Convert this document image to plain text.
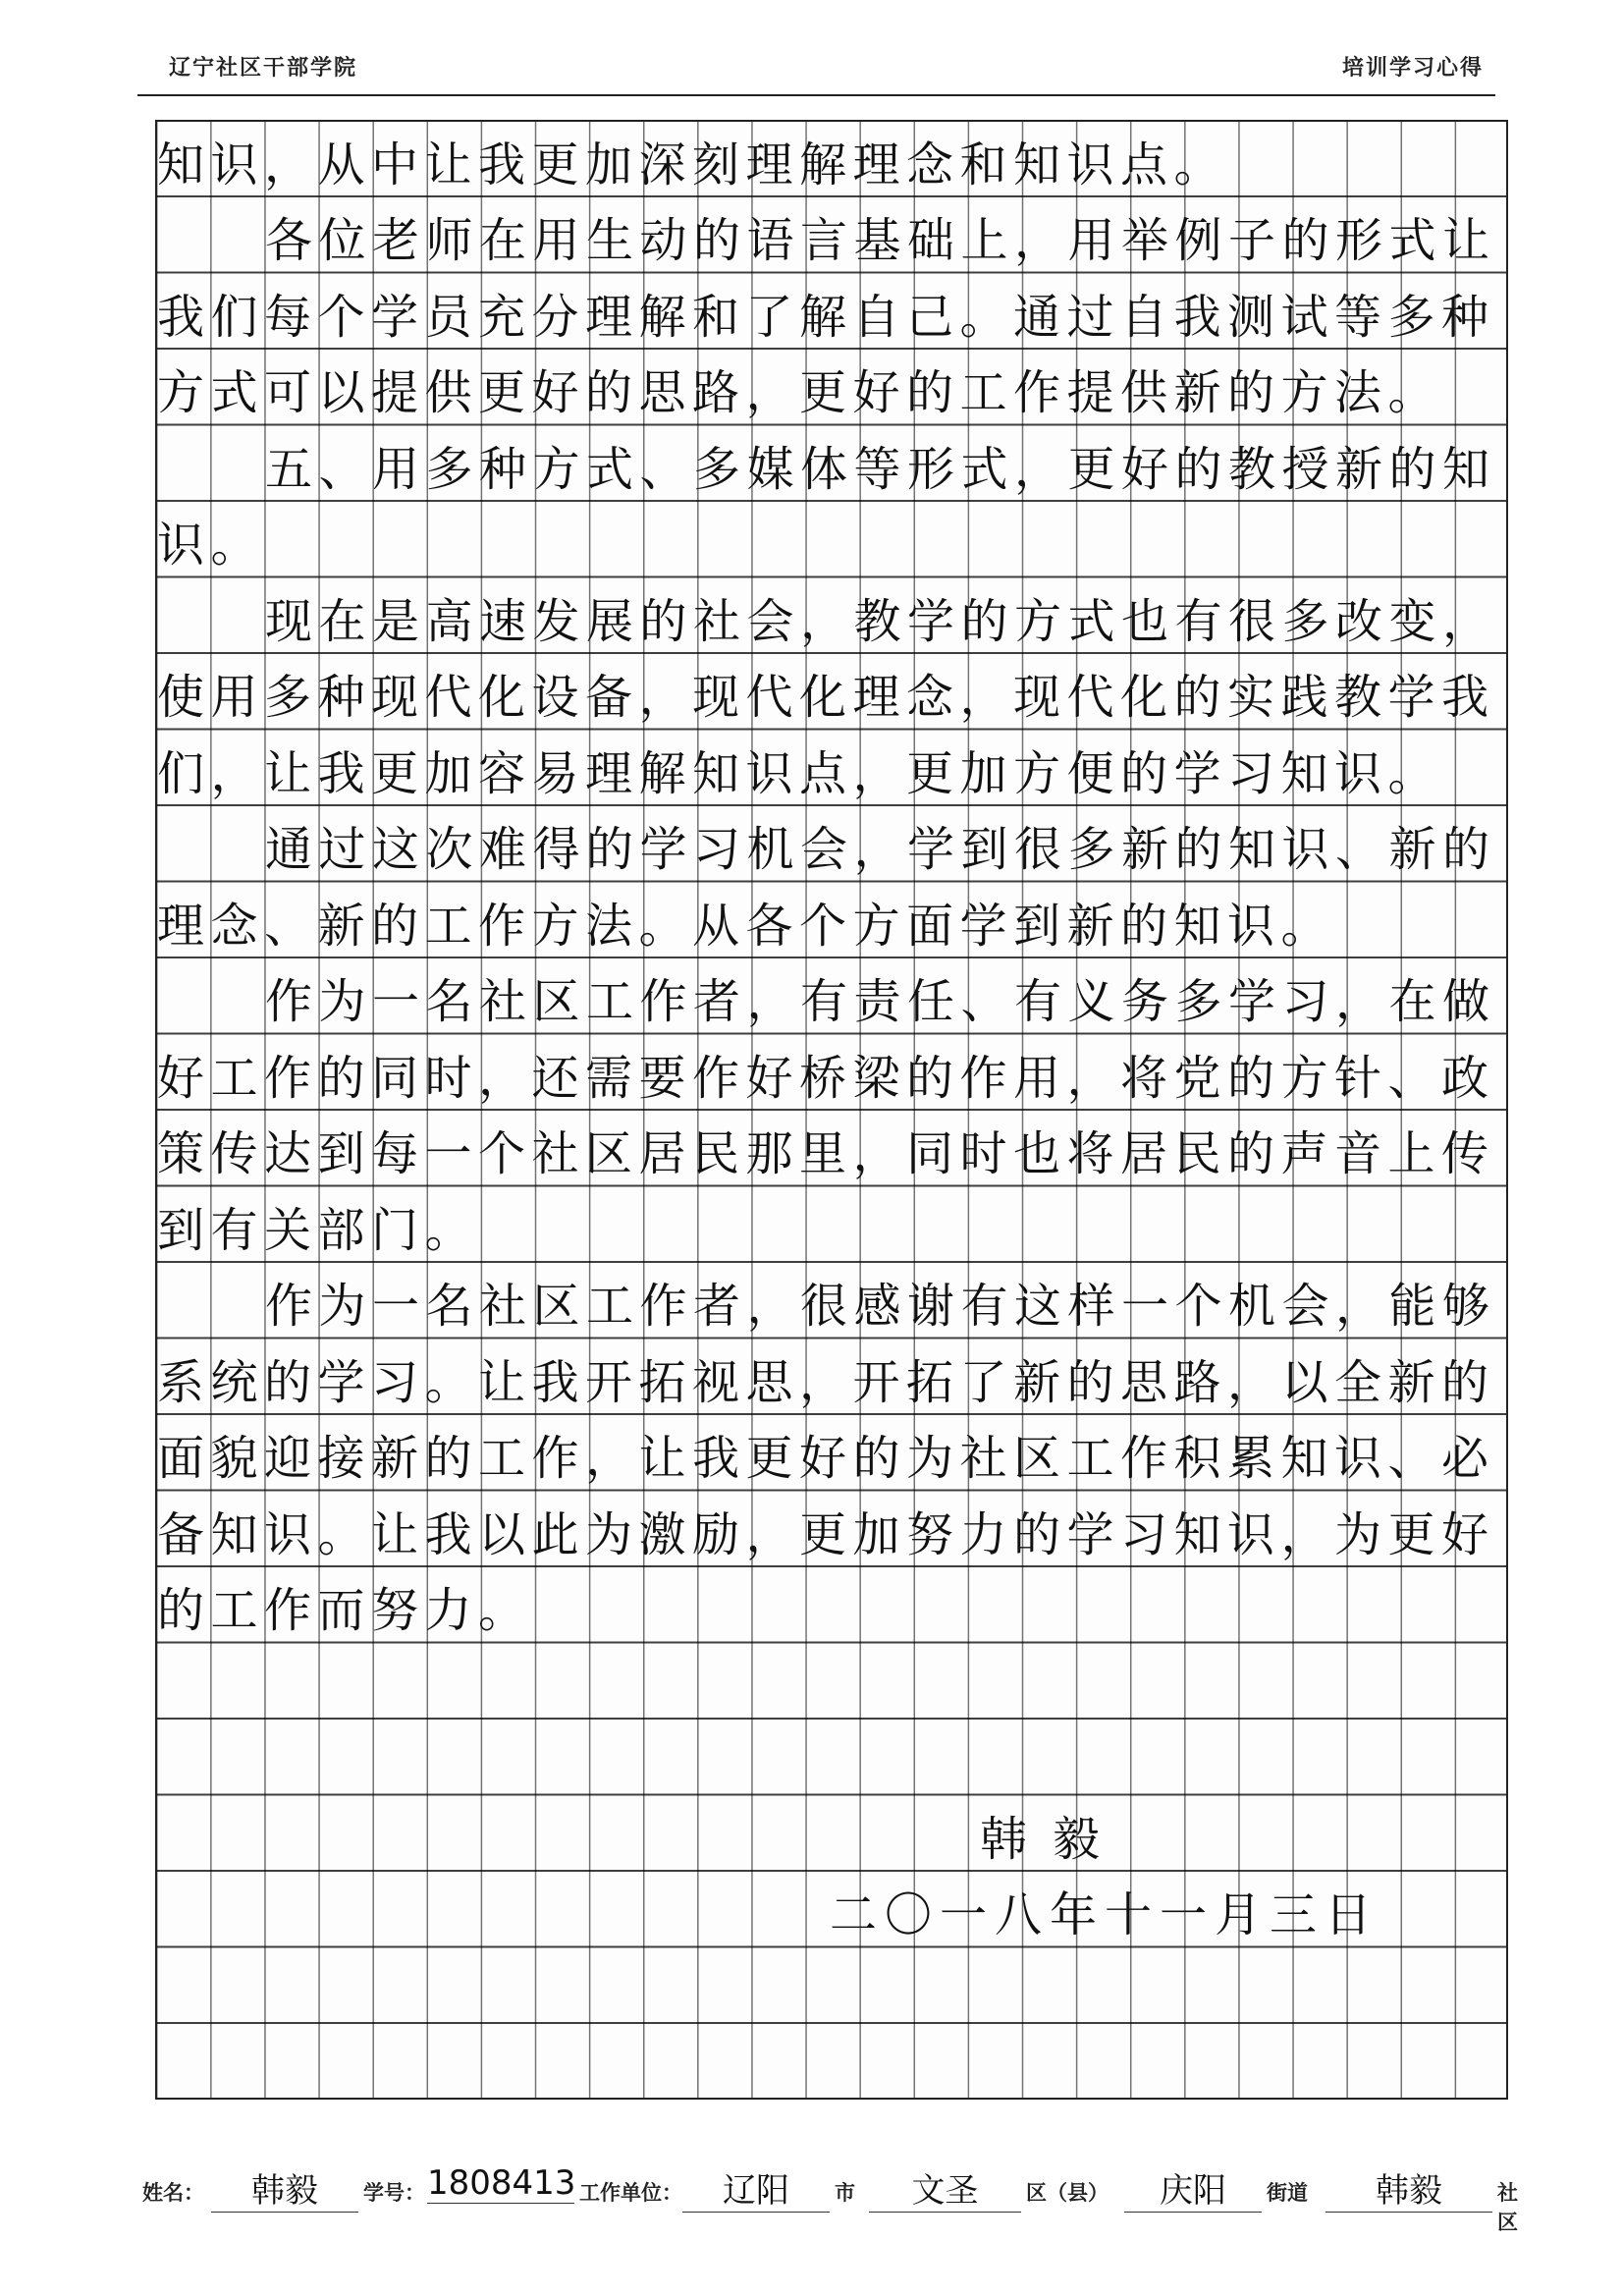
辽宁社区干部学院	培训学习心得
知识，从中让我更加深刻理解理念和知识点。
各位老师在用生动的语言基础上，用举例子的形式让
我们每个学员充分理解和了解自己。通过自我测试等多种
方式可以提供更好的思路，更好的工作提供新的方法。
五、用多种方式、多媒体等形式，更好的教授新的知
识。
现在是高速发展的社会，教学的方式也有很多改变，
使用多种现代化设备，现代化理念，现代化的实践教学我
们，让我更加容易理解知识点，更加方便的学习知识。
通过这次难得的学习机会，学到很多新的知识、新的
理念、新的工作方法。从各个方面学到新的知识。
作为一名社区工作者，有责任、有义务多学习，在做
好工作的同时，还需要作好桥梁的作用，将党的方针、政
策传达到每一个社区居民那里，同时也将居民的声音上传
到有关部门。
作为一名社区工作者，很感谢有这样一个机会，能够
系统的学习。让我开拓视思，开拓了新的思路，以全新的
面貌迎接新的工作，让我更好的为社区工作积累知识、必
备知识。让我以此为激励，更加努力的学习知识，为更好
的工作而努力。
韩毅
二〇一八年十一月三日
姓名：	韩毅	学号： 1808413 工作单位：	辽阳	市	文圣	区（县）	庆阳	街道	韩毅	社区
